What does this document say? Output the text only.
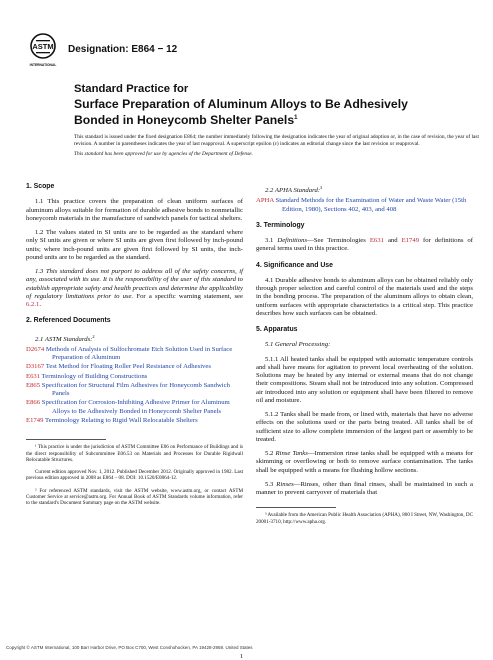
ASTM
INTERNATIONAL
Designation: E864 − 12
Standard Practice for
Surface Preparation of Aluminum Alloys to Be Adhesively
Bonded in Honeycomb Shelter Panels$^1$

This standard is issued under the fixed designation E864; the number immediately following the designation indicates the year of original adoption or, in the case of revision, the year of last revision. A number in parentheses indicates the year of last reapproval. A superscript epsilon (ε) indicates an editorial change since the last revision or reapproval.

This standard has been approved for use by agencies of the Department of Defense.

1. Scope

1.1 This practice covers the preparation of clean uniform surfaces of aluminum alloys suitable for formation of durable adhesive bonds to nonmetallic honeycomb materials in the manufacture of sandwich panels for tactical shelters.

1.2 The values stated in SI units are to be regarded as the standard where only SI units are given or where SI units are given first followed by inch-pound units; where inch-pound units are given first followed by SI units, the inch-pound units are to be regarded as the standard.

1.3 This standard does not purport to address all of the safety concerns, if any, associated with its use. It is the responsibility of the user of this standard to establish appropriate safety and health practices and determine the applicability of regulatory limitations prior to use. For a specific warning statement, see 6.2.1.

2. Referenced Documents
2.1 ASTM Standards:$^2$
D2674 Methods of Analysis of Sulfochromate Etch Solution Used in Surface Preparation of Aluminum
D3167 Test Method for Floating Roller Peel Resistance of Adhesives
E631 Terminology of Building Constructions
E865 Specification for Structural Film Adhesives for Honeycomb Sandwich Panels
E866 Specification for Corrosion-Inhibiting Adhesive Primer for Aluminum Alloys to Be Adhesively Bonded in Honeycomb Shelter Panels
E1749 Terminology Relating to Rigid Wall Relocatable Shelters

¹ This practice is under the jurisdiction of ASTM Committee E06 on Performance of Buildings and is the direct responsibility of Subcommittee E06.53 on Materials and Processes for Durable Rigidwall Relocatable Structures.

Current edition approved Nov. 1, 2012. Published December 2012. Originally approved in 1982. Last previous edition approved in 2008 as E864 – 08. DOI: 10.1520/E0864-12.

² For referenced ASTM standards, visit the ASTM website, www.astm.org, or contact ASTM Customer Service at service@astm.org. For Annual Book of ASTM Standards volume information, refer to the standard's Document Summary page on the ASTM website.

2.2 APHA Standard:$^3$
APHA Standard Methods for the Examination of Water and Waste Water (15th Edition, 1980), Sections 402, 403, and 408
3. Terminology

3.1 Definitions—See Terminologies E631 and E1749 for definitions of general terms used in this practice.

4. Significance and Use

4.1 Durable adhesive bonds to aluminum alloys can be obtained reliably only through proper selection and careful control of the materials used and the steps in the bonding process. The preparation of the aluminum alloys to obtain clean, uniform surfaces with appropriate characteristics is a critical step. This practice describes how such surfaces can be obtained.

5. Apparatus

5.1 General Processing:

5.1.1 All heated tanks shall be equipped with automatic temperature controls and shall have means for agitation to prevent local overheating of the solution. Solutions may be heated by any internal or external means that do not change their compositions. Steam shall not be introduced into any solution. Compressed air introduced into any solution or equipment shall have been filtered to remove oil and moisture.

5.1.2 Tanks shall be made from, or lined with, materials that have no adverse effects on the solutions used or the parts being treated. All tanks shall be of sufficient size to allow complete immersion of the largest part or assembly to be treated.

5.2 Rinse Tanks—Immersion rinse tanks shall be equipped with a means for skimming or overflowing or both to remove surface contamination. The tanks shall be equipped with a means for flushing hollow sections.

5.3 Rinses—Rinses, other than final rinses, shall be maintained in such a manner to prevent carryover of materials that

³ Available from the American Public Health Association (APHA), 800 I Street, NW, Washington, DC 20001-3710, http://www.apha.org.

Copyright © ASTM International, 100 Barr Harbor Drive, PO Box C700, West Conshohocken, PA 19428-2959. United States
1
